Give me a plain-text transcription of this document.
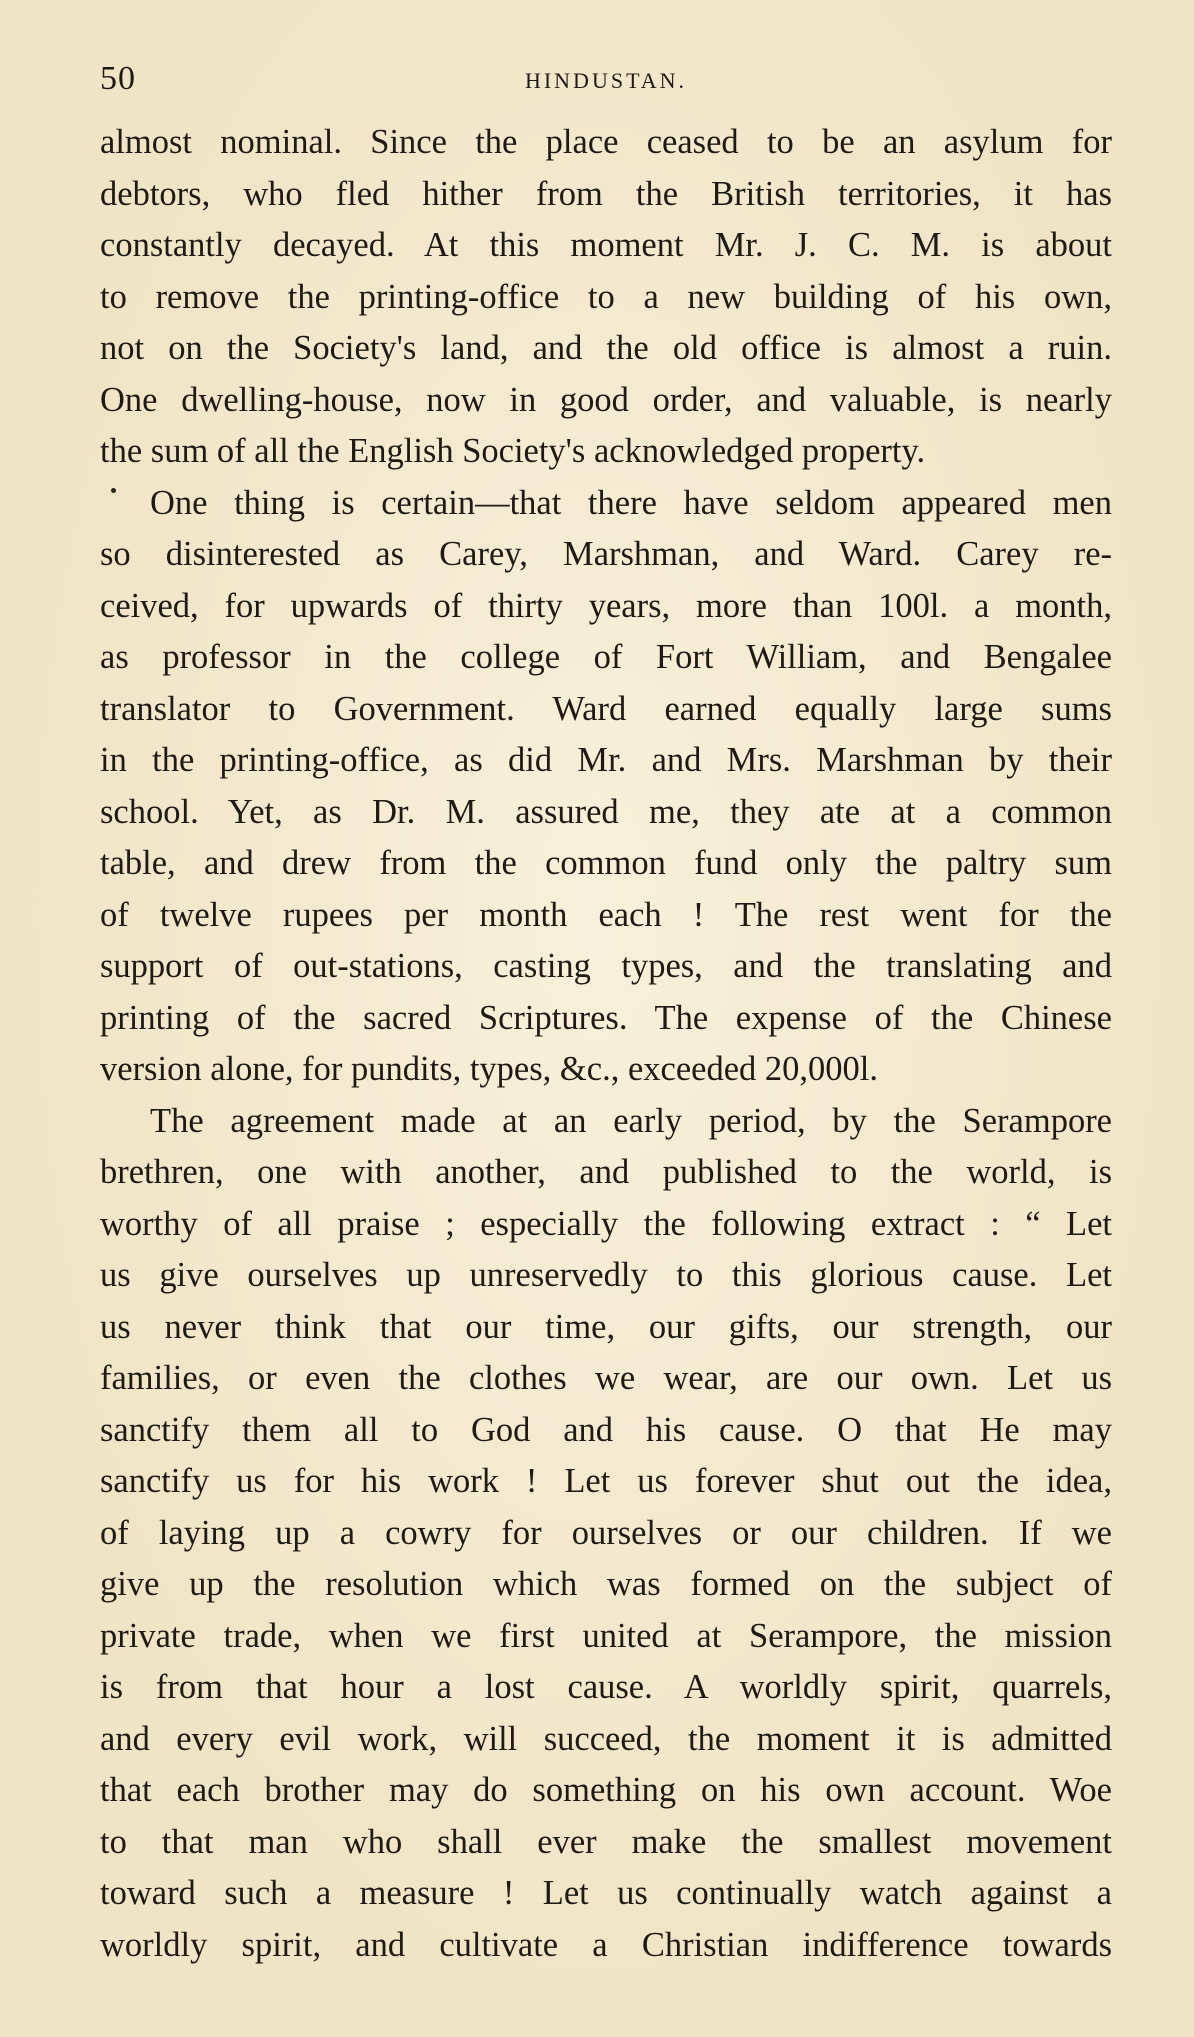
50	HINDUSTAN.
almost nominal. Since the place ceased to be an asylum for
debtors, who fled hither from the British territories, it has
constantly decayed. At this moment Mr. J. C. M. is about
to remove the printing-office to a new building of his own,
not on the Society's land, and the old office is almost a ruin.
One dwelling-house, now in good order, and valuable, is nearly
the sum of all the English Society's acknowledged property.
One thing is certain—that there have seldom appeared men
so disinterested as Carey, Marshman, and Ward. Carey re-
ceived, for upwards of thirty years, more than 100l. a month,
as professor in the college of Fort William, and Bengalee
translator to Government. Ward earned equally large sums
in the printing-office, as did Mr. and Mrs. Marshman by their
school. Yet, as Dr. M. assured me, they ate at a common
table, and drew from the common fund only the paltry sum
of twelve rupees per month each ! The rest went for the
support of out-stations, casting types, and the translating and
printing of the sacred Scriptures. The expense of the Chinese
version alone, for pundits, types, &c., exceeded 20,000l.
The agreement made at an early period, by the Serampore
brethren, one with another, and published to the world, is
worthy of all praise ; especially the following extract : “ Let
us give ourselves up unreservedly to this glorious cause. Let
us never think that our time, our gifts, our strength, our
families, or even the clothes we wear, are our own. Let us
sanctify them all to God and his cause. O that He may
sanctify us for his work ! Let us forever shut out the idea,
of laying up a cowry for ourselves or our children. If we
give up the resolution which was formed on the subject of
private trade, when we first united at Serampore, the mission
is from that hour a lost cause. A worldly spirit, quarrels,
and every evil work, will succeed, the moment it is admitted
that each brother may do something on his own account. Woe
to that man who shall ever make the smallest movement
toward such a measure ! Let us continually watch against a
worldly spirit, and cultivate a Christian indifference towards
